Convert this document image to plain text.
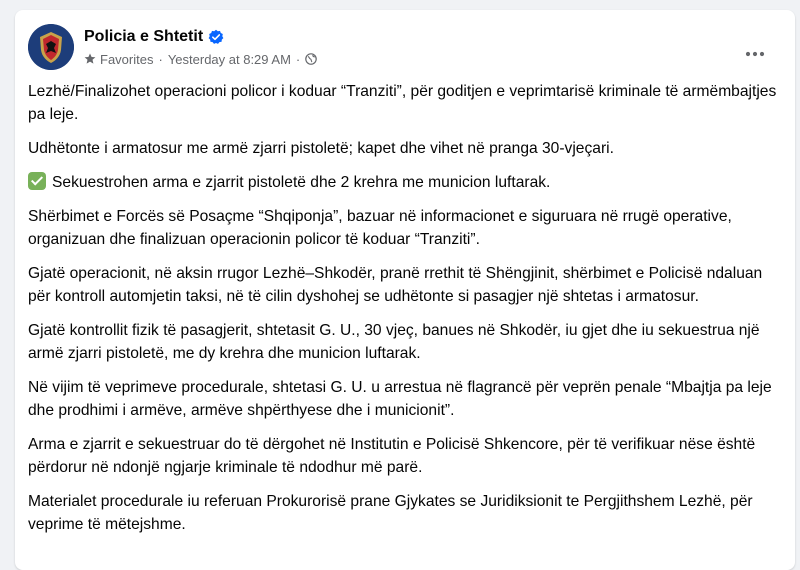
Policia e Shtetit
Favorites · Yesterday at 8:29 AM ·

Lezhë/Finalizohet operacioni policor i koduar “Tranziti”, për goditjen e veprimtarisë kriminale të armëmbajtjes pa leje.

Udhëtonte i armatosur me armë zjarri pistoletë; kapet dhe vihet në pranga 30-vjeçari.

Sekuestrohen arma e zjarrit pistoletë dhe 2 krehra me municion luftarak.

Shërbimet e Forcës së Posaçme “Shqiponja”, bazuar në informacionet e siguruara në rrugë operative, organizuan dhe finalizuan operacionin policor të koduar “Tranziti”.

Gjatë operacionit, në aksin rrugor Lezhë–Shkodër, pranë rrethit të Shëngjinit, shërbimet e Policisë ndaluan për kontroll automjetin taksi, në të cilin dyshohej se udhëtonte si pasagjer një shtetas i armatosur.

Gjatë kontrollit fizik të pasagjerit, shtetasit G. U., 30 vjeç, banues në Shkodër, iu gjet dhe iu sekuestrua një armë zjarri pistoletë, me dy krehra dhe municion luftarak.

Në vijim të veprimeve procedurale, shtetasi G. U. u arrestua në flagrancë për veprën penale “Mbajtja pa leje dhe prodhimi i armëve, armëve shpërthyese dhe i municionit”.

Arma e zjarrit e sekuestruar do të dërgohet në Institutin e Policisë Shkencore, për të verifikuar nëse është përdorur në ndonjë ngjarje kriminale të ndodhur më parë.

Materialet procedurale iu referuan Prokurorisë prane Gjykates se Juridiksionit te Pergjithshem Lezhë, për veprime të mëtejshme.
